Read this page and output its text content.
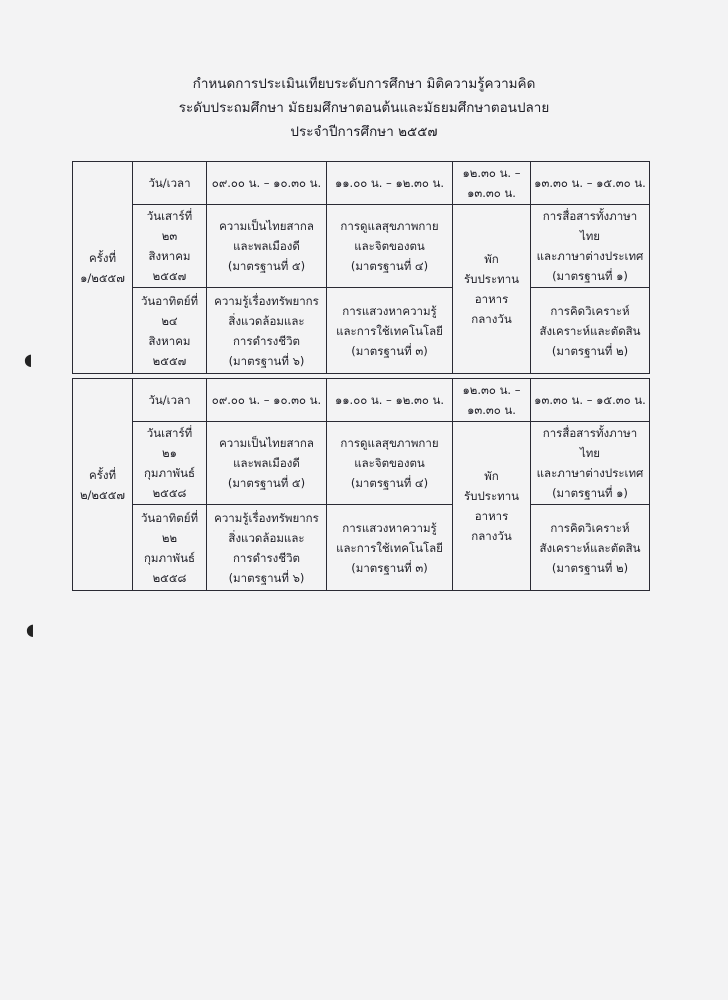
กำหนดการประเมินเทียบระดับการศึกษา มิติความรู้ความคิด
ระดับประถมศึกษา มัธยมศึกษาตอนต้นและมัธยมศึกษาตอนปลาย
ประจำปีการศึกษา ๒๕๕๗
ครั้งที่
๑/๒๕๕๗	วัน/เวลา	๐๙.๐๐ น. – ๑๐.๓๐ น.	๑๑.๐๐ น. – ๑๒.๓๐ น.	๑๒.๓๐ น. –
๑๓.๓๐ น.	๑๓.๓๐ น. – ๑๕.๓๐ น.

	วันเสาร์ที่
๒๓
สิงหาคม
๒๕๕๗	ความเป็นไทยสากล
และพลเมืองดี
(มาตรฐานที่ ๕)	การดูแลสุขภาพกาย
และจิตของตน
(มาตรฐานที่ ๔)	พัก
รับประทาน
อาหาร
กลางวัน	การสื่อสารทั้งภาษาไทย
และภาษาต่างประเทศ
(มาตรฐานที่ ๑)

	วันอาทิตย์ที่
๒๔
สิงหาคม
๒๕๕๗	ความรู้เรื่องทรัพยากร
สิ่งแวดล้อมและ
การดำรงชีวิต
(มาตรฐานที่ ๖)	การแสวงหาความรู้
และการใช้เทคโนโลยี
(มาตรฐานที่ ๓)		การคิดวิเคราะห์
สังเคราะห์และตัดสิน
(มาตรฐานที่ ๒)
ครั้งที่
๒/๒๕๕๗	วัน/เวลา	๐๙.๐๐ น. – ๑๐.๓๐ น.	๑๑.๐๐ น. – ๑๒.๓๐ น.	๑๒.๓๐ น. –
๑๓.๓๐ น.	๑๓.๓๐ น. – ๑๕.๓๐ น.

	วันเสาร์ที่
๒๑
กุมภาพันธ์
๒๕๕๘	ความเป็นไทยสากล
และพลเมืองดี
(มาตรฐานที่ ๕)	การดูแลสุขภาพกาย
และจิตของตน
(มาตรฐานที่ ๔)	พัก
รับประทาน
อาหาร
กลางวัน	การสื่อสารทั้งภาษาไทย
และภาษาต่างประเทศ
(มาตรฐานที่ ๑)

	วันอาทิตย์ที่
๒๒
กุมภาพันธ์
๒๕๕๘	ความรู้เรื่องทรัพยากร
สิ่งแวดล้อมและ
การดำรงชีวิต
(มาตรฐานที่ ๖)	การแสวงหาความรู้
และการใช้เทคโนโลยี
(มาตรฐานที่ ๓)		การคิดวิเคราะห์
สังเคราะห์และตัดสิน
(มาตรฐานที่ ๒)
◖
◖
